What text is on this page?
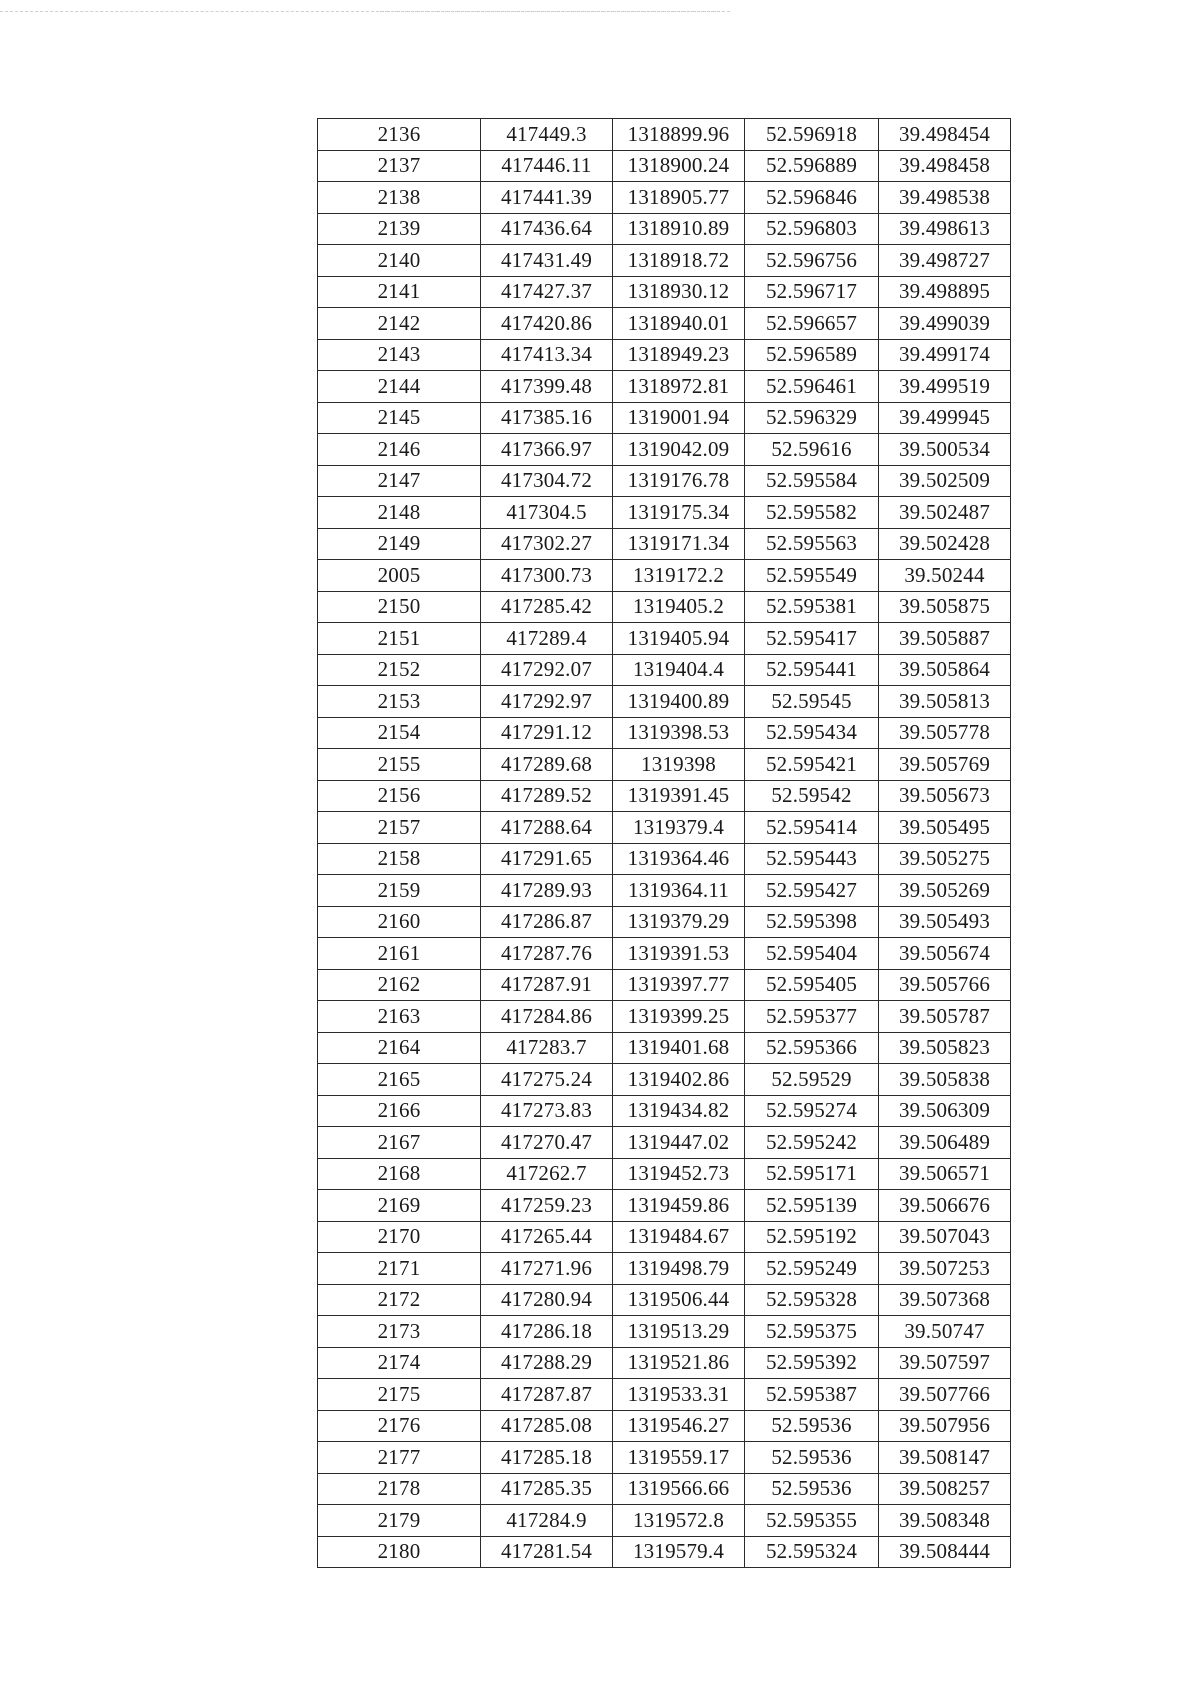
2136	417449.3	1318899.96	52.596918	39.498454
2137	417446.11	1318900.24	52.596889	39.498458
2138	417441.39	1318905.77	52.596846	39.498538
2139	417436.64	1318910.89	52.596803	39.498613
2140	417431.49	1318918.72	52.596756	39.498727
2141	417427.37	1318930.12	52.596717	39.498895
2142	417420.86	1318940.01	52.596657	39.499039
2143	417413.34	1318949.23	52.596589	39.499174
2144	417399.48	1318972.81	52.596461	39.499519
2145	417385.16	1319001.94	52.596329	39.499945
2146	417366.97	1319042.09	52.59616	39.500534
2147	417304.72	1319176.78	52.595584	39.502509
2148	417304.5	1319175.34	52.595582	39.502487
2149	417302.27	1319171.34	52.595563	39.502428
2005	417300.73	1319172.2	52.595549	39.50244
2150	417285.42	1319405.2	52.595381	39.505875
2151	417289.4	1319405.94	52.595417	39.505887
2152	417292.07	1319404.4	52.595441	39.505864
2153	417292.97	1319400.89	52.59545	39.505813
2154	417291.12	1319398.53	52.595434	39.505778
2155	417289.68	1319398	52.595421	39.505769
2156	417289.52	1319391.45	52.59542	39.505673
2157	417288.64	1319379.4	52.595414	39.505495
2158	417291.65	1319364.46	52.595443	39.505275
2159	417289.93	1319364.11	52.595427	39.505269
2160	417286.87	1319379.29	52.595398	39.505493
2161	417287.76	1319391.53	52.595404	39.505674
2162	417287.91	1319397.77	52.595405	39.505766
2163	417284.86	1319399.25	52.595377	39.505787
2164	417283.7	1319401.68	52.595366	39.505823
2165	417275.24	1319402.86	52.59529	39.505838
2166	417273.83	1319434.82	52.595274	39.506309
2167	417270.47	1319447.02	52.595242	39.506489
2168	417262.7	1319452.73	52.595171	39.506571
2169	417259.23	1319459.86	52.595139	39.506676
2170	417265.44	1319484.67	52.595192	39.507043
2171	417271.96	1319498.79	52.595249	39.507253
2172	417280.94	1319506.44	52.595328	39.507368
2173	417286.18	1319513.29	52.595375	39.50747
2174	417288.29	1319521.86	52.595392	39.507597
2175	417287.87	1319533.31	52.595387	39.507766
2176	417285.08	1319546.27	52.59536	39.507956
2177	417285.18	1319559.17	52.59536	39.508147
2178	417285.35	1319566.66	52.59536	39.508257
2179	417284.9	1319572.8	52.595355	39.508348
2180	417281.54	1319579.4	52.595324	39.508444
